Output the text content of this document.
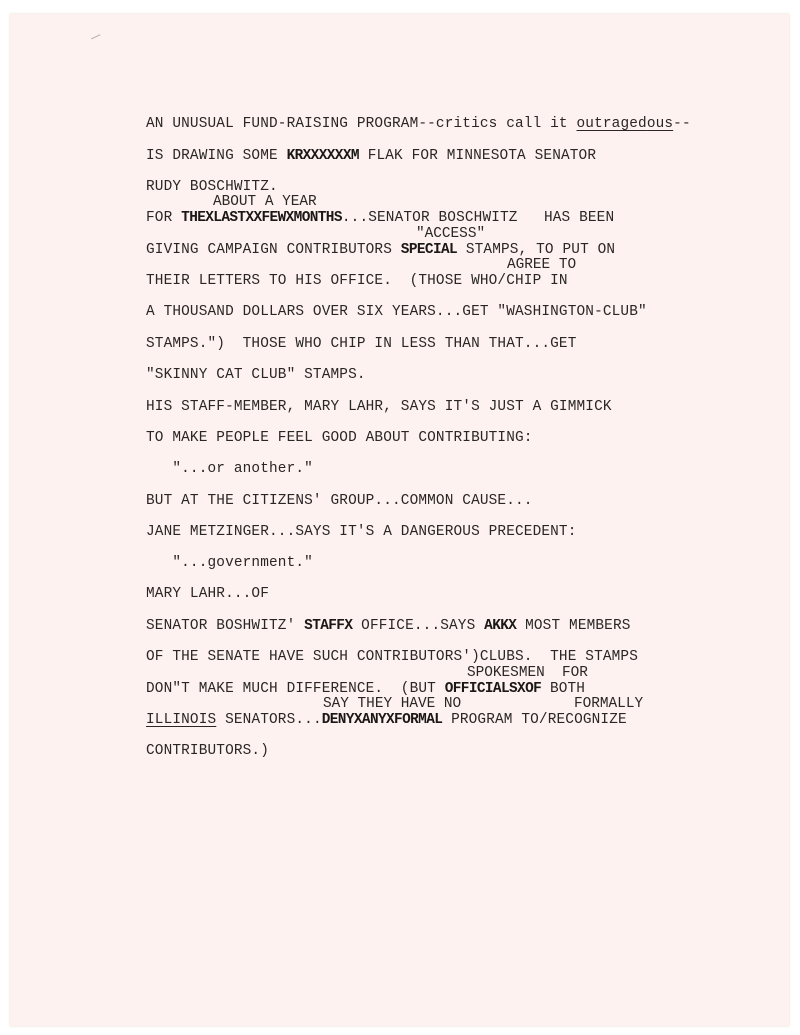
AN UNUSUAL FUND-RAISING PROGRAM--critics call it outragedous--
IS DRAWING SOME KRXXXXXXM FLAK FOR MINNESOTA SENATOR
RUDY BOSCHWITZ.
ABOUT A YEAR
FOR THEXLASTXXFEWXMONTHS...SENATOR BOSCHWITZ   HAS BEEN
"ACCESS"
GIVING CAMPAIGN CONTRIBUTORS SPECIAL STAMPS, TO PUT ON
AGREE TO
THEIR LETTERS TO HIS OFFICE.  (THOSE WHO/CHIP IN
A THOUSAND DOLLARS OVER SIX YEARS...GET "WASHINGTON-CLUB"
STAMPS.")  THOSE WHO CHIP IN LESS THAN THAT...GET
"SKINNY CAT CLUB" STAMPS.
HIS STAFF-MEMBER, MARY LAHR, SAYS IT'S JUST A GIMMICK
TO MAKE PEOPLE FEEL GOOD ABOUT CONTRIBUTING:
"...or another."
BUT AT THE CITIZENS' GROUP...COMMON CAUSE...
JANE METZINGER...SAYS IT'S A DANGEROUS PRECEDENT:
"...government."
MARY LAHR...OF
SENATOR BOSHWITZ' STAFFX OFFICE...SAYS AKKX MOST MEMBERS
OF THE SENATE HAVE SUCH CONTRIBUTORS')CLUBS.  THE STAMPS
SPOKESMEN  FOR
DON"T MAKE MUCH DIFFERENCE.  (BUT OFFICIALSXOF BOTH
SAY THEY HAVE NO	FORMALLY
ILLINOIS SENATORS...DENYXANYXFORMAL PROGRAM TO/RECOGNIZE
CONTRIBUTORS.)
